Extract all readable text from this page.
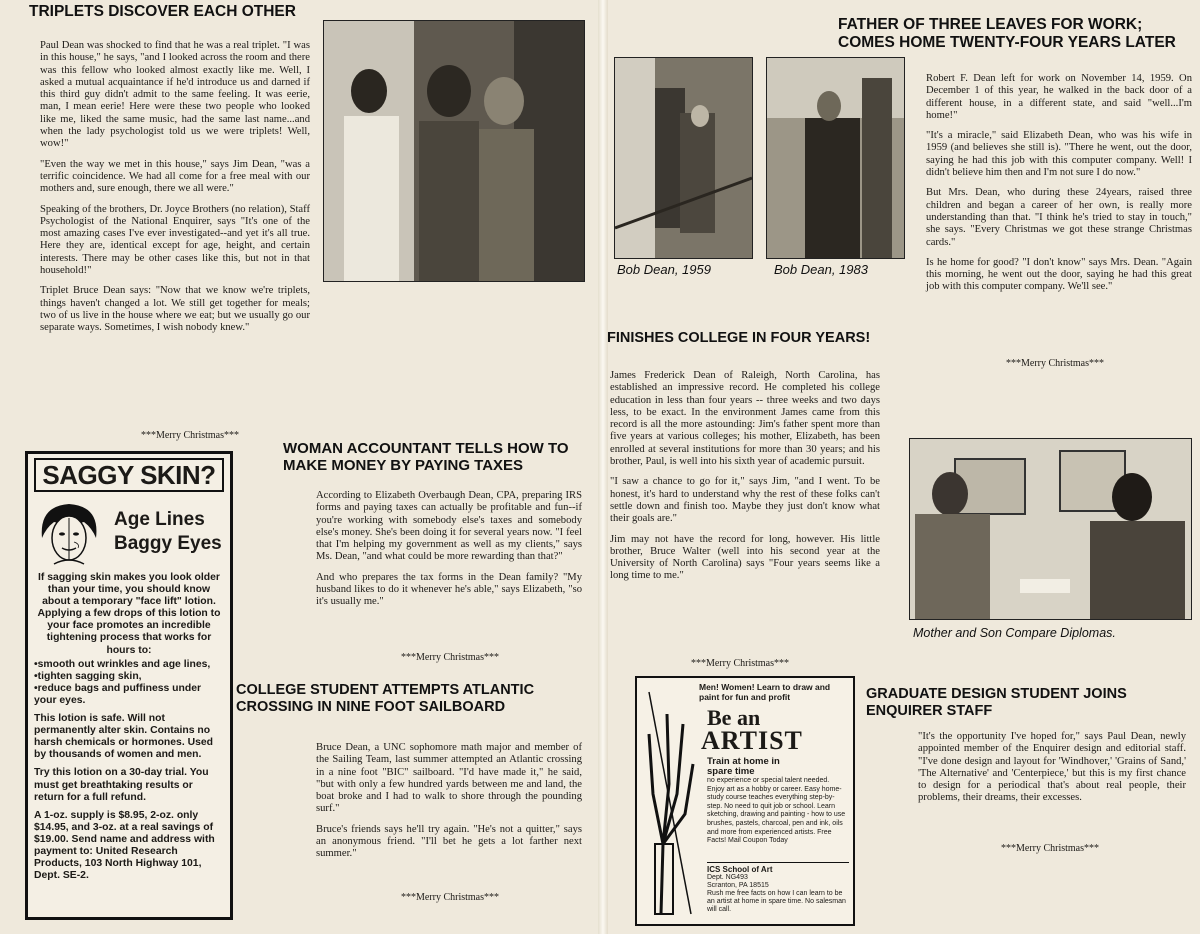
TRIPLETS DISCOVER EACH OTHER

Paul Dean was shocked to find that he was a real triplet. "I was in this house," he says, "and I looked across the room and there was this fellow who looked almost exactly like me. Well, I asked a mutual acquaintance if he'd introduce us and darned if this third guy didn't admit to the same feeling. It was eerie, man, I mean eerie! Here were these two people who looked like me, liked the same music, had the same last name...and when the lady psychologist told us we were triplets! Well, wow!"

"Even the way we met in this house," says Jim Dean, "was a terrific coincidence. We had all come for a free meal with our mothers and, sure enough, there we all were."

Speaking of the brothers, Dr. Joyce Brothers (no relation), Staff Psychologist of the National Enquirer, says "It's one of the most amazing cases I've ever investigated--and yet it's all true. Here they are, identical except for age, height, and certain interests. There may be other cases like this, but not in that household!"

Triplet Bruce Dean says: "Now that we know we're triplets, things haven't changed a lot. We still get together for meals; two of us live in the house where we eat; but we usually go our separate ways. Sometimes, I wish nobody knew."

***Merry Christmas***
WOMAN ACCOUNTANT TELLS HOW TO MAKE MONEY BY PAYING TAXES

According to Elizabeth Overbaugh Dean, CPA, preparing IRS forms and paying taxes can actually be profitable and fun--if you're working with somebody else's taxes and somebody else's money. She's been doing it for several years now. "I feel that I'm helping my government as well as my clients," says Ms. Dean, "and what could be more rewarding than that?"

And who prepares the tax forms in the Dean family? "My husband likes to do it whenever he's able," says Elizabeth, "so it's usually me."

***Merry Christmas***
COLLEGE STUDENT ATTEMPTS ATLANTIC CROSSING IN NINE FOOT SAILBOARD

Bruce Dean, a UNC sophomore math major and member of the Sailing Team, last summer attempted an Atlantic crossing in a nine foot "BIC" sailboard. "I'd have made it," he said, "but with only a few hundred yards between me and land, the boat broke and I had to walk to shore through the pounding surf."

Bruce's friends says he'll try again. "He's not a quitter," says an anonymous friend. "I'll bet he gets a lot farther next summer."

***Merry Christmas***
SAGGY SKIN?
Age Lines
Baggy Eyes

If sagging skin makes you look older than your time, you should know about a temporary "face lift" lotion. Applying a few drops of this lotion to your face promotes an incredible tightening process that works for hours to:

•smooth out wrinkles and age lines,
•tighten sagging skin,

•reduce bags and puffiness under your eyes.

This lotion is safe. Will not permanently alter skin. Contains no harsh chemicals or hormones. Used by thousands of women and men.

Try this lotion on a 30-day trial. You must get breathtaking results or return for a full refund.

A 1-oz. supply is $8.95, 2-oz. only $14.95, and 3-oz. at a real savings of $19.00. Send name and address with payment to: United Research Products, 103 North Highway 101, Dept. SE-2.

FATHER OF THREE LEAVES FOR WORK; COMES HOME TWENTY-FOUR YEARS LATER
Bob Dean, 1959	Bob Dean, 1983

Robert F. Dean left for work on November 14, 1959. On December 1 of this year, he walked in the back door of a different house, in a different state, and said "well...I'm home!"

"It's a miracle," said Elizabeth Dean, who was his wife in 1959 (and believes she still is). "There he went, out the door, saying he had this job with this computer company. Well! I didn't believe him then and I'm not sure I do now."

But Mrs. Dean, who during these 24years, raised three children and began a career of her own, is really more understanding than that. "I think he's tried to stay in touch," she says. "Every Christmas we got these strange Christmas cards."

Is he home for good? "I don't know" says Mrs. Dean. "Again this morning, he went out the door, saying he had this great job with this computer company. We'll see."

***Merry Christmas***
FINISHES COLLEGE IN FOUR YEARS!

James Frederick Dean of Raleigh, North Carolina, has established an impressive record. He completed his college education in less than four years -- three weeks and two days less, to be exact. In the environment James came from this record is all the more astounding: Jim's father spent more than five years at various colleges; his mother, Elizabeth, has been enrolled at several institutions for more than 30 years; and his brother, Paul, is well into his sixth year of academic pursuit.

"I saw a chance to go for it," says Jim, "and I went. To be honest, it's hard to understand why the rest of these folks can't settle down and finish too. Maybe they just don't know what their goals are."

Jim may not have the record for long, however. His little brother, Bruce Walter (well into his second year at the University of North Carolina) says "Four years seems like a long time to me."

***Merry Christmas***
Mother and Son Compare Diplomas.
GRADUATE DESIGN STUDENT JOINS ENQUIRER STAFF

"It's the opportunity I've hoped for," says Paul Dean, newly appointed member of the Enquirer design and editorial staff. "I've done design and layout for 'Windhover,' 'Grains of Sand,' 'The Alternative' and 'Centerpiece,' but this is my first chance to design for a periodical that's about real people, their problems, their dreams, their excesses.

***Merry Christmas***
Men! Women! Learn to draw and paint for fun and profit
Be an
ARTIST
Train at home in spare time
no experience or special talent needed. Enjoy art as a hobby or career. Easy home-study course teaches everything step-by-step. No need to quit job or school. Learn sketching, drawing and painting - how to use brushes, pastels, charcoal, pen and ink, oils and more from experienced artists. Free Facts! Mail Coupon Today
ICS School of Art
Dept. NG493
Scranton, PA 18515
Rush me free facts on how I can learn to be an artist at home in spare time. No salesman will call.
